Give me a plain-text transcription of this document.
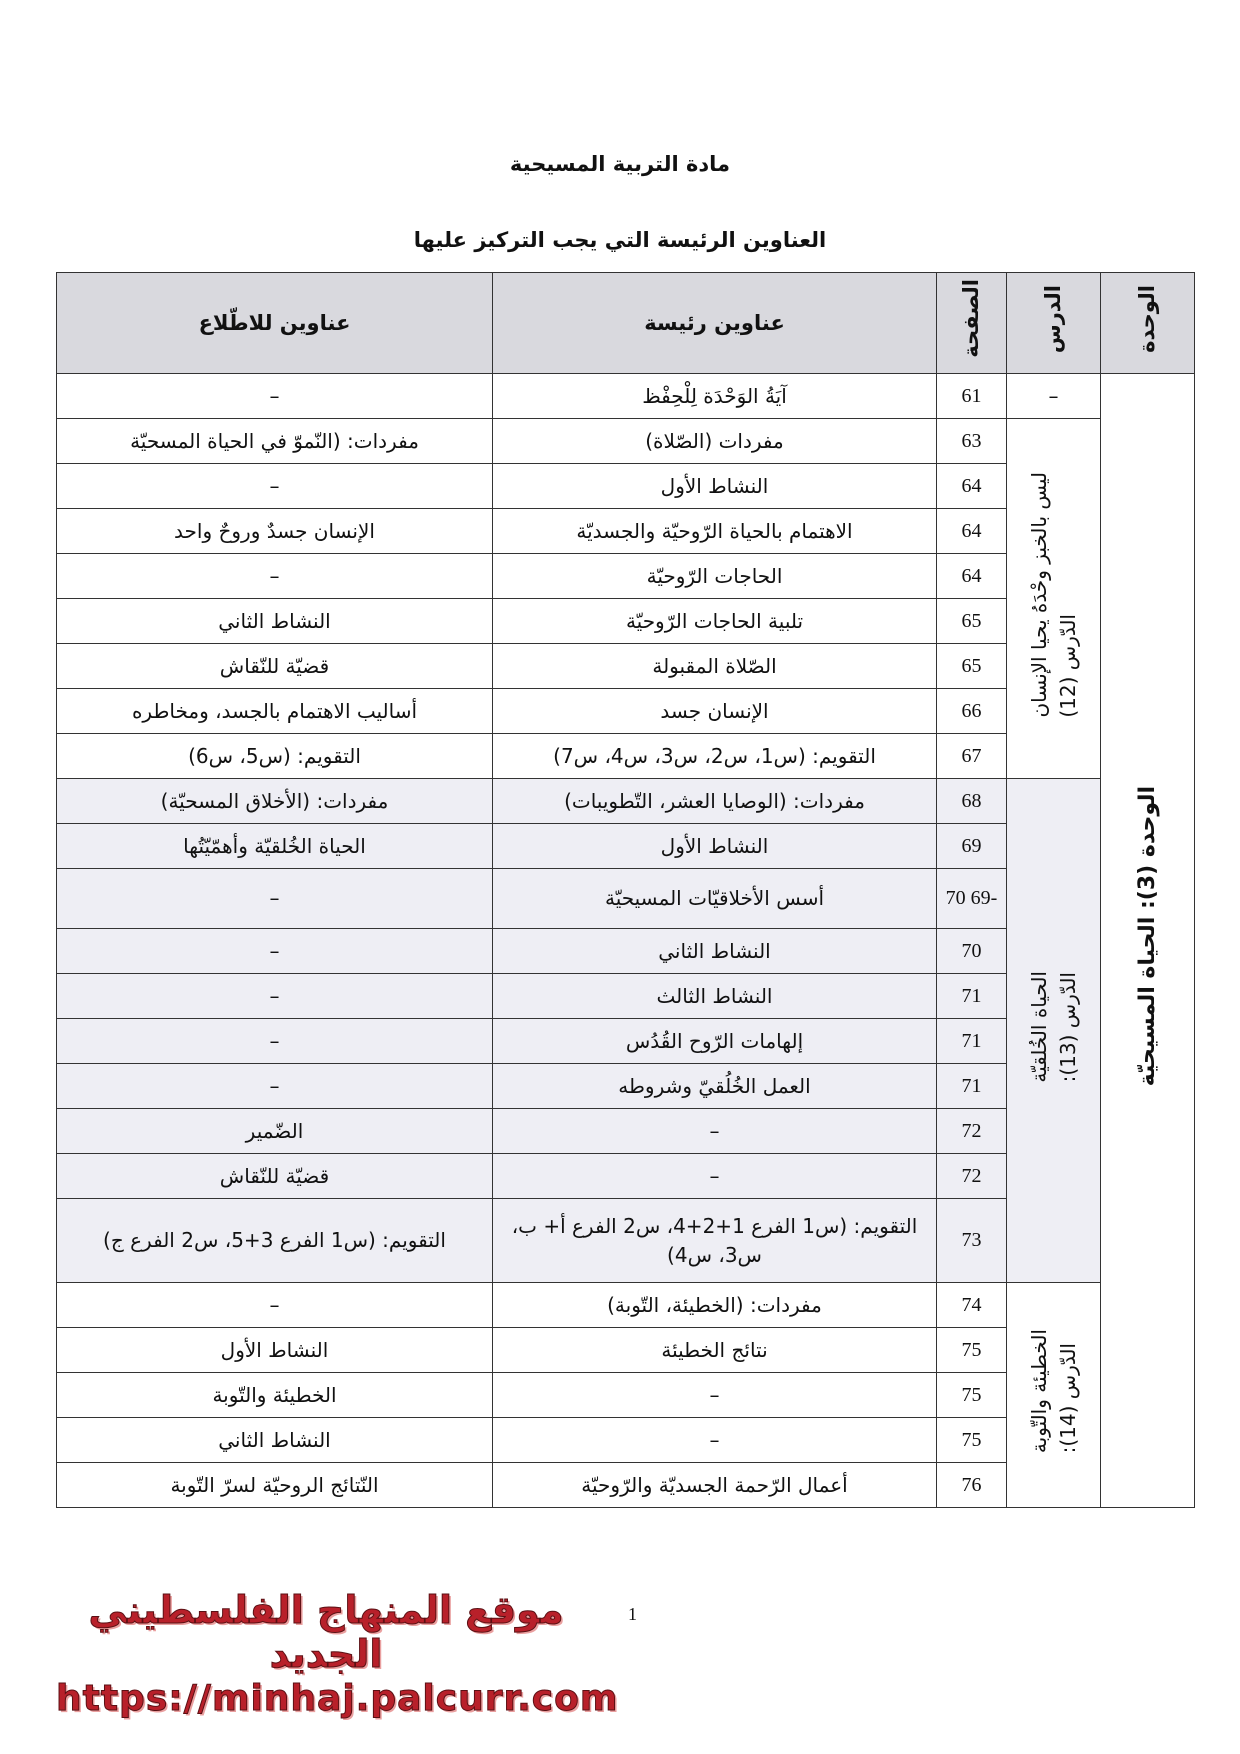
مادة التربية المسيحية
العناوين الرئيسة التي يجب التركيز عليها
الوحدة	الدرس	الصفحة	عناوين رئيسة	عناوين للاطّلاع
الوحدة (3): الحياة المسيحيّة	–	61	آيَةُ الوَحْدَة لِلْحِفْظ	–
	الدّرس (12)ليس بالخبز وحْدَهُ يحيا الإنسان	63	مفردات (الصّلاة)	مفردات: (النّموّ في الحياة المسحيّة
		64	النشاط الأول	–
		64	الاهتمام بالحياة الرّوحيّة والجسديّة	الإنسان جسدٌ وروحٌ واحد
		64	الحاجات الرّوحيّة	–
		65	تلبية الحاجات الرّوحيّة	النشاط الثاني
		65	الصّلاة المقبولة	قضيّة للنّقاش
		66	الإنسان جسد	أساليب الاهتمام بالجسد، ومخاطره
		67	التقويم: (س1، س2، س3، س4، س7)	التقويم: (س5، س6)
	الدّرس (13):الحياة الخُلقيّة	68	مفردات: (الوصايا العشر، التّطويبات)	مفردات: (الأخلاق المسحيّة)
		69	النشاط الأول	الحياة الخُلقيّة وأهمّيّتُها
		-69 70	أسس الأخلاقيّات المسيحيّة	–
		70	النشاط الثاني	–
		71	النشاط الثالث	–
		71	إلهامات الرّوح القُدُس	–
		71	العمل الخُلُقيّ وشروطه	–
		72	–	الضّمير
		72	–	قضيّة للنّقاش
		73	التقويم: (س1 الفرع 1+2+4، س2 الفرع أ+ ب، س3، س4)	التقويم: (س1 الفرع 3+5، س2 الفرع ج)
	الدّرس (14):الخطيئة والتّوبة	74	مفردات: (الخطيئة، التّوبة)	–
		75	نتائج الخطيئة	النشاط الأول
		75	–	الخطيئة والتّوبة
		75	–	النشاط الثاني
		76	أعمال الرّحمة الجسديّة والرّوحيّة	النّتائج الروحيّة لسرّ التّوبة
موقع المنهاج الفلسطيني الجديد
https://minhaj.palcurr.com
1
